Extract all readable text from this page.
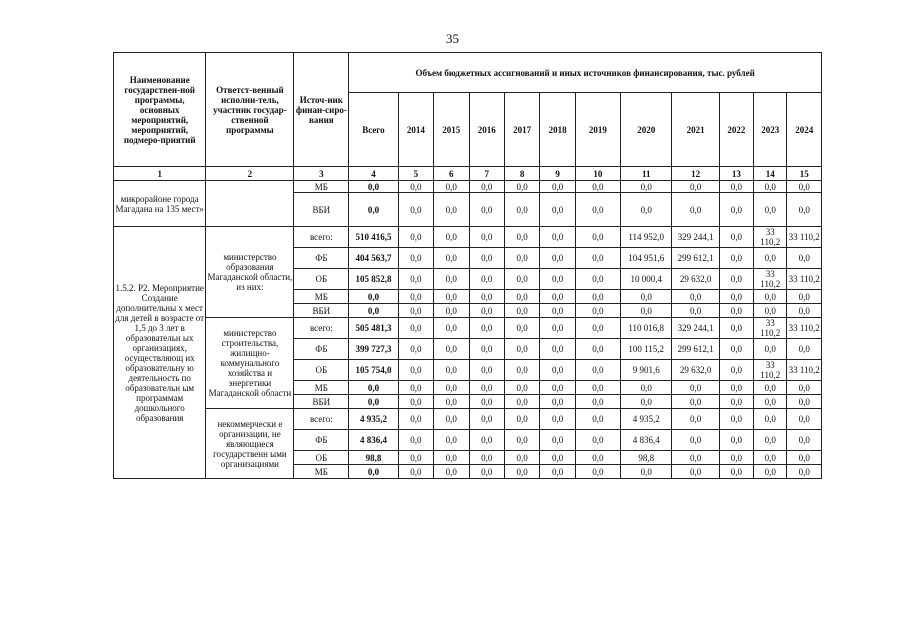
35
Наименование государствен-ной программы, основных мероприятий, мероприятий, подмеро-приятий	Ответст-венный исполни-тель, участник государ-ственной программы	Источ-ник финан-сиро-вания	Объем бюджетных ассигнований и иных источников финансирования, тыс. рублей											
			Всего	2014	2015	2016	2017	2018	2019	2020	2021	2022	2023	2024
1	2	3	4	5	6	7	8	9	10	11	12	13	14	15
микрорайоне города Магадана на 135 мест»		МБ	0,0	0,0	0,0	0,0	0,0	0,0	0,0	0,0	0,0	0,0	0,0	0,0
		ВБИ	0,0	0,0	0,0	0,0	0,0	0,0	0,0	0,0	0,0	0,0	0,0	0,0
1.5.2. Р2. Мероприятие Создание дополнительны х мест для детей в возрасте от 1,5 до 3 лет в образовательн ых организациях, осуществляющ их образовательну ю деятельность по образовательн ым программам дошкольного образования	министерство образования Магаданской области, из них:	всего:	510 416,5	0,0	0,0	0,0	0,0	0,0	0,0	114 952,0	329 244,1	0,0	33 110,2	33 110,2
		ФБ	404 563,7	0,0	0,0	0,0	0,0	0,0	0,0	104 951,6	299 612,1	0,0	0,0	0,0
		ОБ	105 852,8	0,0	0,0	0,0	0,0	0,0	0,0	10 000,4	29 632,0	0,0	33 110,2	33 110,2
		МБ	0,0	0,0	0,0	0,0	0,0	0,0	0,0	0,0	0,0	0,0	0,0	0,0
		ВБИ	0,0	0,0	0,0	0,0	0,0	0,0	0,0	0,0	0,0	0,0	0,0	0,0
	министерство строительства, жилищно-коммунального хозяйства и энергетики Магаданской области	всего:	505 481,3	0,0	0,0	0,0	0,0	0,0	0,0	110 016,8	329 244,1	0,0	33 110,2	33 110,2
		ФБ	399 727,3	0,0	0,0	0,0	0,0	0,0	0,0	100 115,2	299 612,1	0,0	0,0	0,0
		ОБ	105 754,0	0,0	0,0	0,0	0,0	0,0	0,0	9 901,6	29 632,0	0,0	33 110,2	33 110,2
		МБ	0,0	0,0	0,0	0,0	0,0	0,0	0,0	0,0	0,0	0,0	0,0	0,0
		ВБИ	0,0	0,0	0,0	0,0	0,0	0,0	0,0	0,0	0,0	0,0	0,0	0,0
	некоммерчески е организации, не являющиеся государственн ыми организациями	всего:	4 935,2	0,0	0,0	0,0	0,0	0,0	0,0	4 935,2	0,0	0,0	0,0	0,0
		ФБ	4 836,4	0,0	0,0	0,0	0,0	0,0	0,0	4 836,4	0,0	0,0	0,0	0,0
		ОБ	98,8	0,0	0,0	0,0	0,0	0,0	0,0	98,8	0,0	0,0	0,0	0,0
		МБ	0,0	0,0	0,0	0,0	0,0	0,0	0,0	0,0	0,0	0,0	0,0	0,0
